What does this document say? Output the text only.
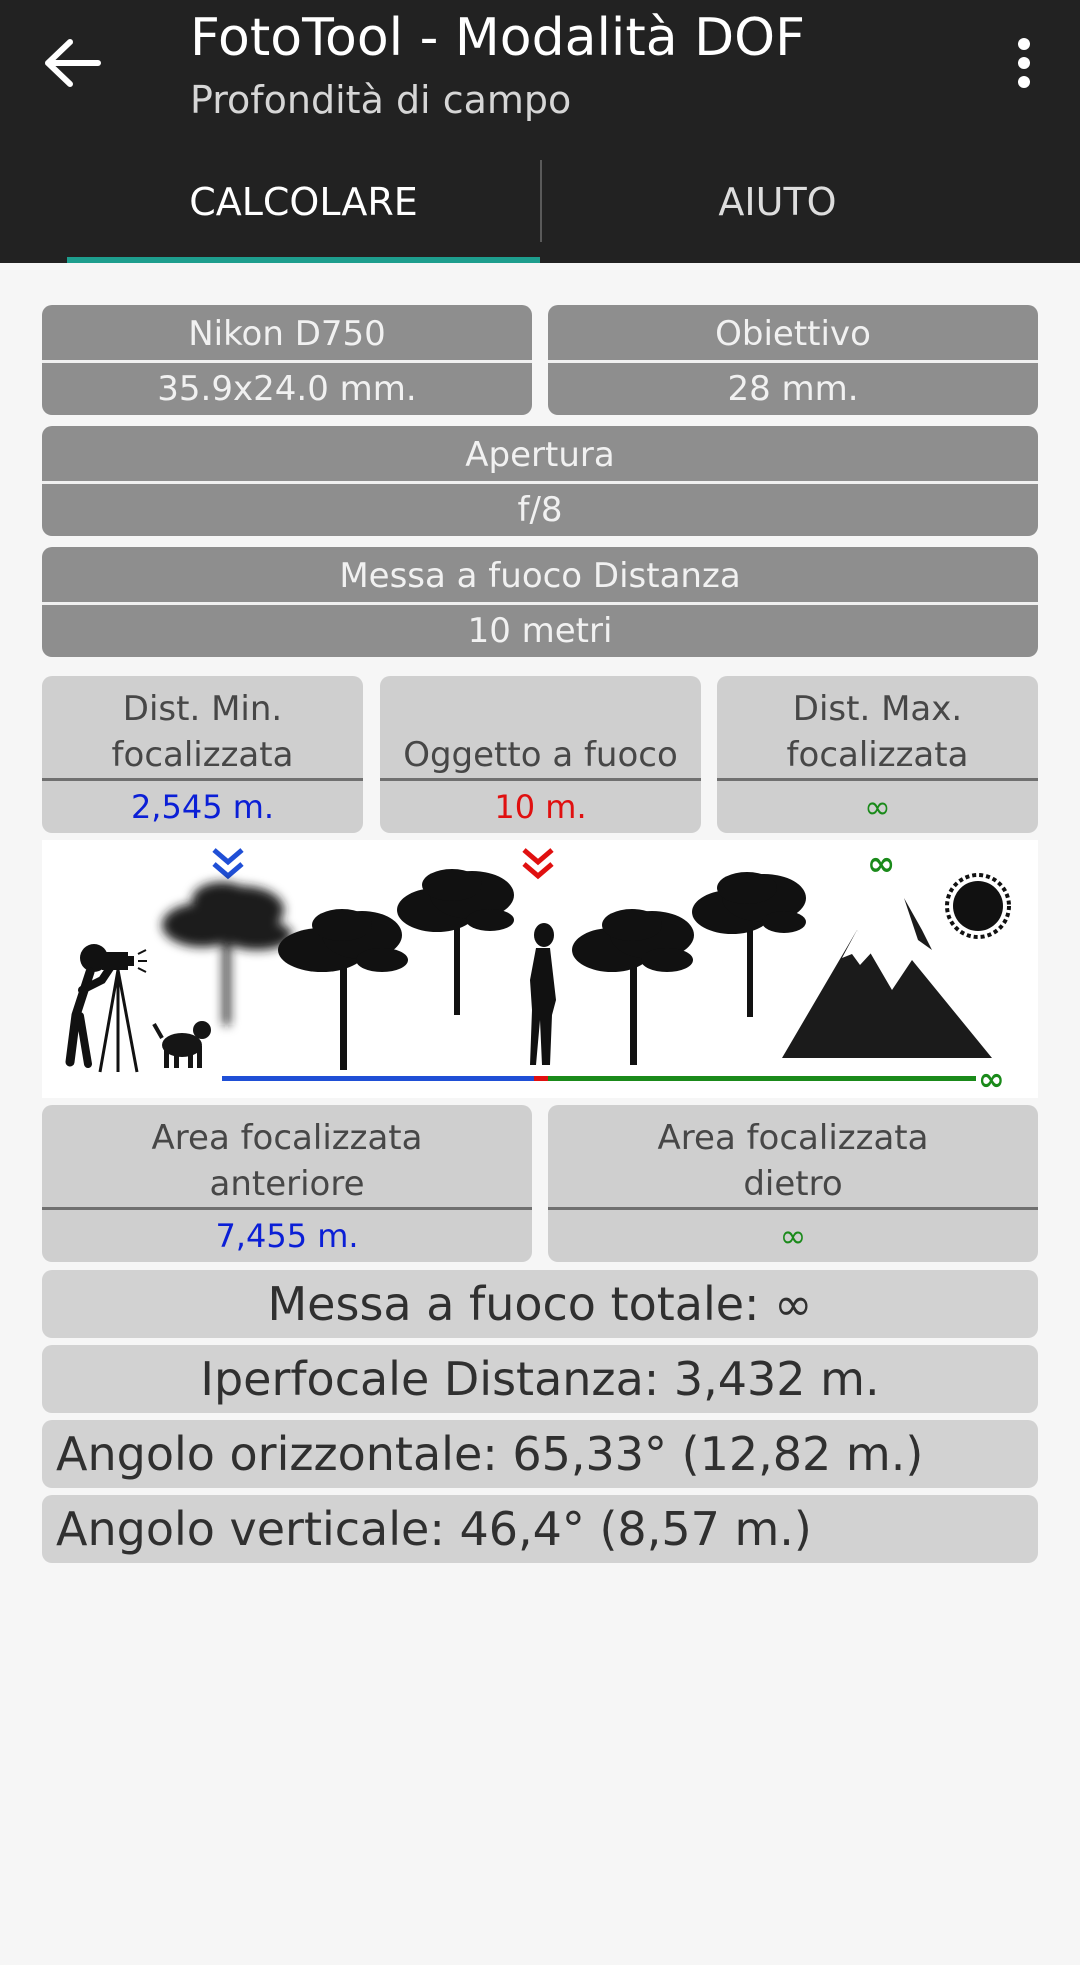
FotoTool - Modalità DOF
Profondità di campo
CALCOLARE	AIUTO
Nikon D750
35.9x24.0 mm.
Obiettivo
28 mm.
Apertura
f/8
Messa a fuoco Distanza
10 metri
Dist. Min.
focalizzata
2,545 m.
Oggetto a fuoco
10 m.
Dist. Max.
focalizzata
∞
∞
∞
Area focalizzata
anteriore
7,455 m.
Area focalizzata
dietro
∞
Messa a fuoco totale: ∞
Iperfocale Distanza: 3,432 m.
Angolo orizzontale: 65,33° (12,82 m.)
Angolo verticale: 46,4° (8,57 m.)
